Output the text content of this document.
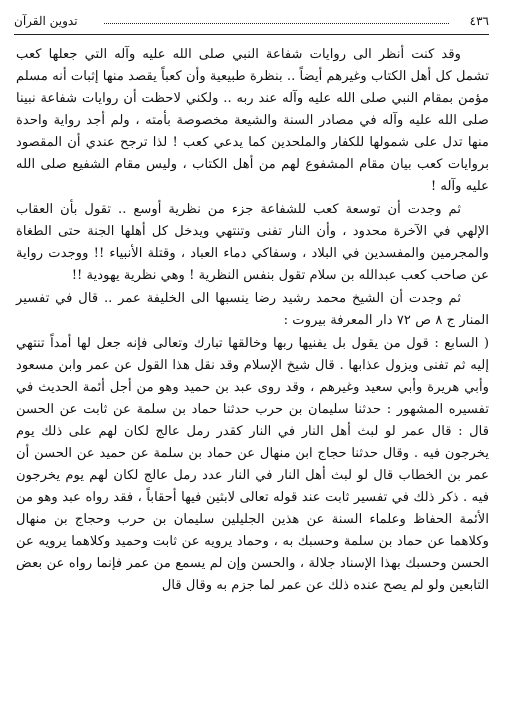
٤٣٦
تدوين القرآن

وقد كنت أنظر الى روايات شفاعة النبي صلى الله عليه وآله التي جعلها كعب تشمل كل أهل الكتاب وغيرهم أيضاً .. بنظرة طبيعية وأن كعباً يقصد منها إثبات أنه مسلم مؤمن بمقام النبي صلى الله عليه وآله عند ربه .. ولكني لاحظت أن روايات شفاعة نبينا صلى الله عليه وآله في مصادر السنة والشيعة مخصوصة بأمته ، ولم أجد رواية واحدة منها تدل على شمولها للكفار والملحدين كما يدعي كعب ! لذا ترجح عندي أن المقصود بروايات كعب بيان مقام المشفوع لهم من أهل الكتاب ، وليس مقام الشفيع صلى الله عليه وآله !

ثم وجدت أن توسعة كعب للشفاعة جزء من نظرية أوسع .. تقول بأن العقاب الإلهي في الآخرة محدود ، وأن النار تفنى وتنتهي ويدخل كل أهلها الجنة حتى الطغاة والمجرمين والمفسدين في البلاد ، وسفاكي دماء العباد ، وقتلة الأنبياء !! ووجدت رواية عن صاحب كعب عبدالله بن سلام تقول بنفس النظرية ! وهي نظرية يهودية !!

ثم وجدت أن الشيخ محمد رشيد رضا ينسبها الى الخليفة عمر .. قال في تفسير المنار ج ٨ ص ٧٢ دار المعرفة بيروت :

( السابع : قول من يقول بل يفنيها ربها وخالقها تبارك وتعالى فإنه جعل لها أمداً تنتهي إليه ثم تفنى ويزول عذابها . قال شيخ الإسلام وقد نقل هذا القول عن عمر وابن مسعود وأبي هريرة وأبي سعيد وغيرهم ، وقد روى عبد بن حميد وهو من أجل أئمة الحديث في تفسيره المشهور : حدثنا سليمان بن حرب حدثنا حماد بن سلمة عن ثابت عن الحسن قال : قال عمر لو لبث أهل النار في النار كقدر رمل عالج لكان لهم على ذلك يوم يخرجون فيه . وقال حدثنا حجاج ابن منهال عن حماد بن سلمة عن حميد عن الحسن أن عمر بن الخطاب قال لو لبث أهل النار في النار عدد رمل عالج لكان لهم يوم يخرجون فيه . ذكر ذلك في تفسير ثابت عند قوله تعالى لابثين فيها أحقاباً ، فقد رواه عبد وهو من الأئمة الحفاظ وعلماء السنة عن هذين الجليلين سليمان بن حرب وحجاج بن منهال وكلاهما عن حماد بن سلمة وحسبك به ، وحماد يرويه عن ثابت وحميد وكلاهما يرويه عن الحسن وحسبك بهذا الإسناد جلالة ، والحسن وإن لم يسمع من عمر فإنما رواه عن بعض التابعين ولو لم يصح عنده ذلك عن عمر لما جزم به وقال قال
